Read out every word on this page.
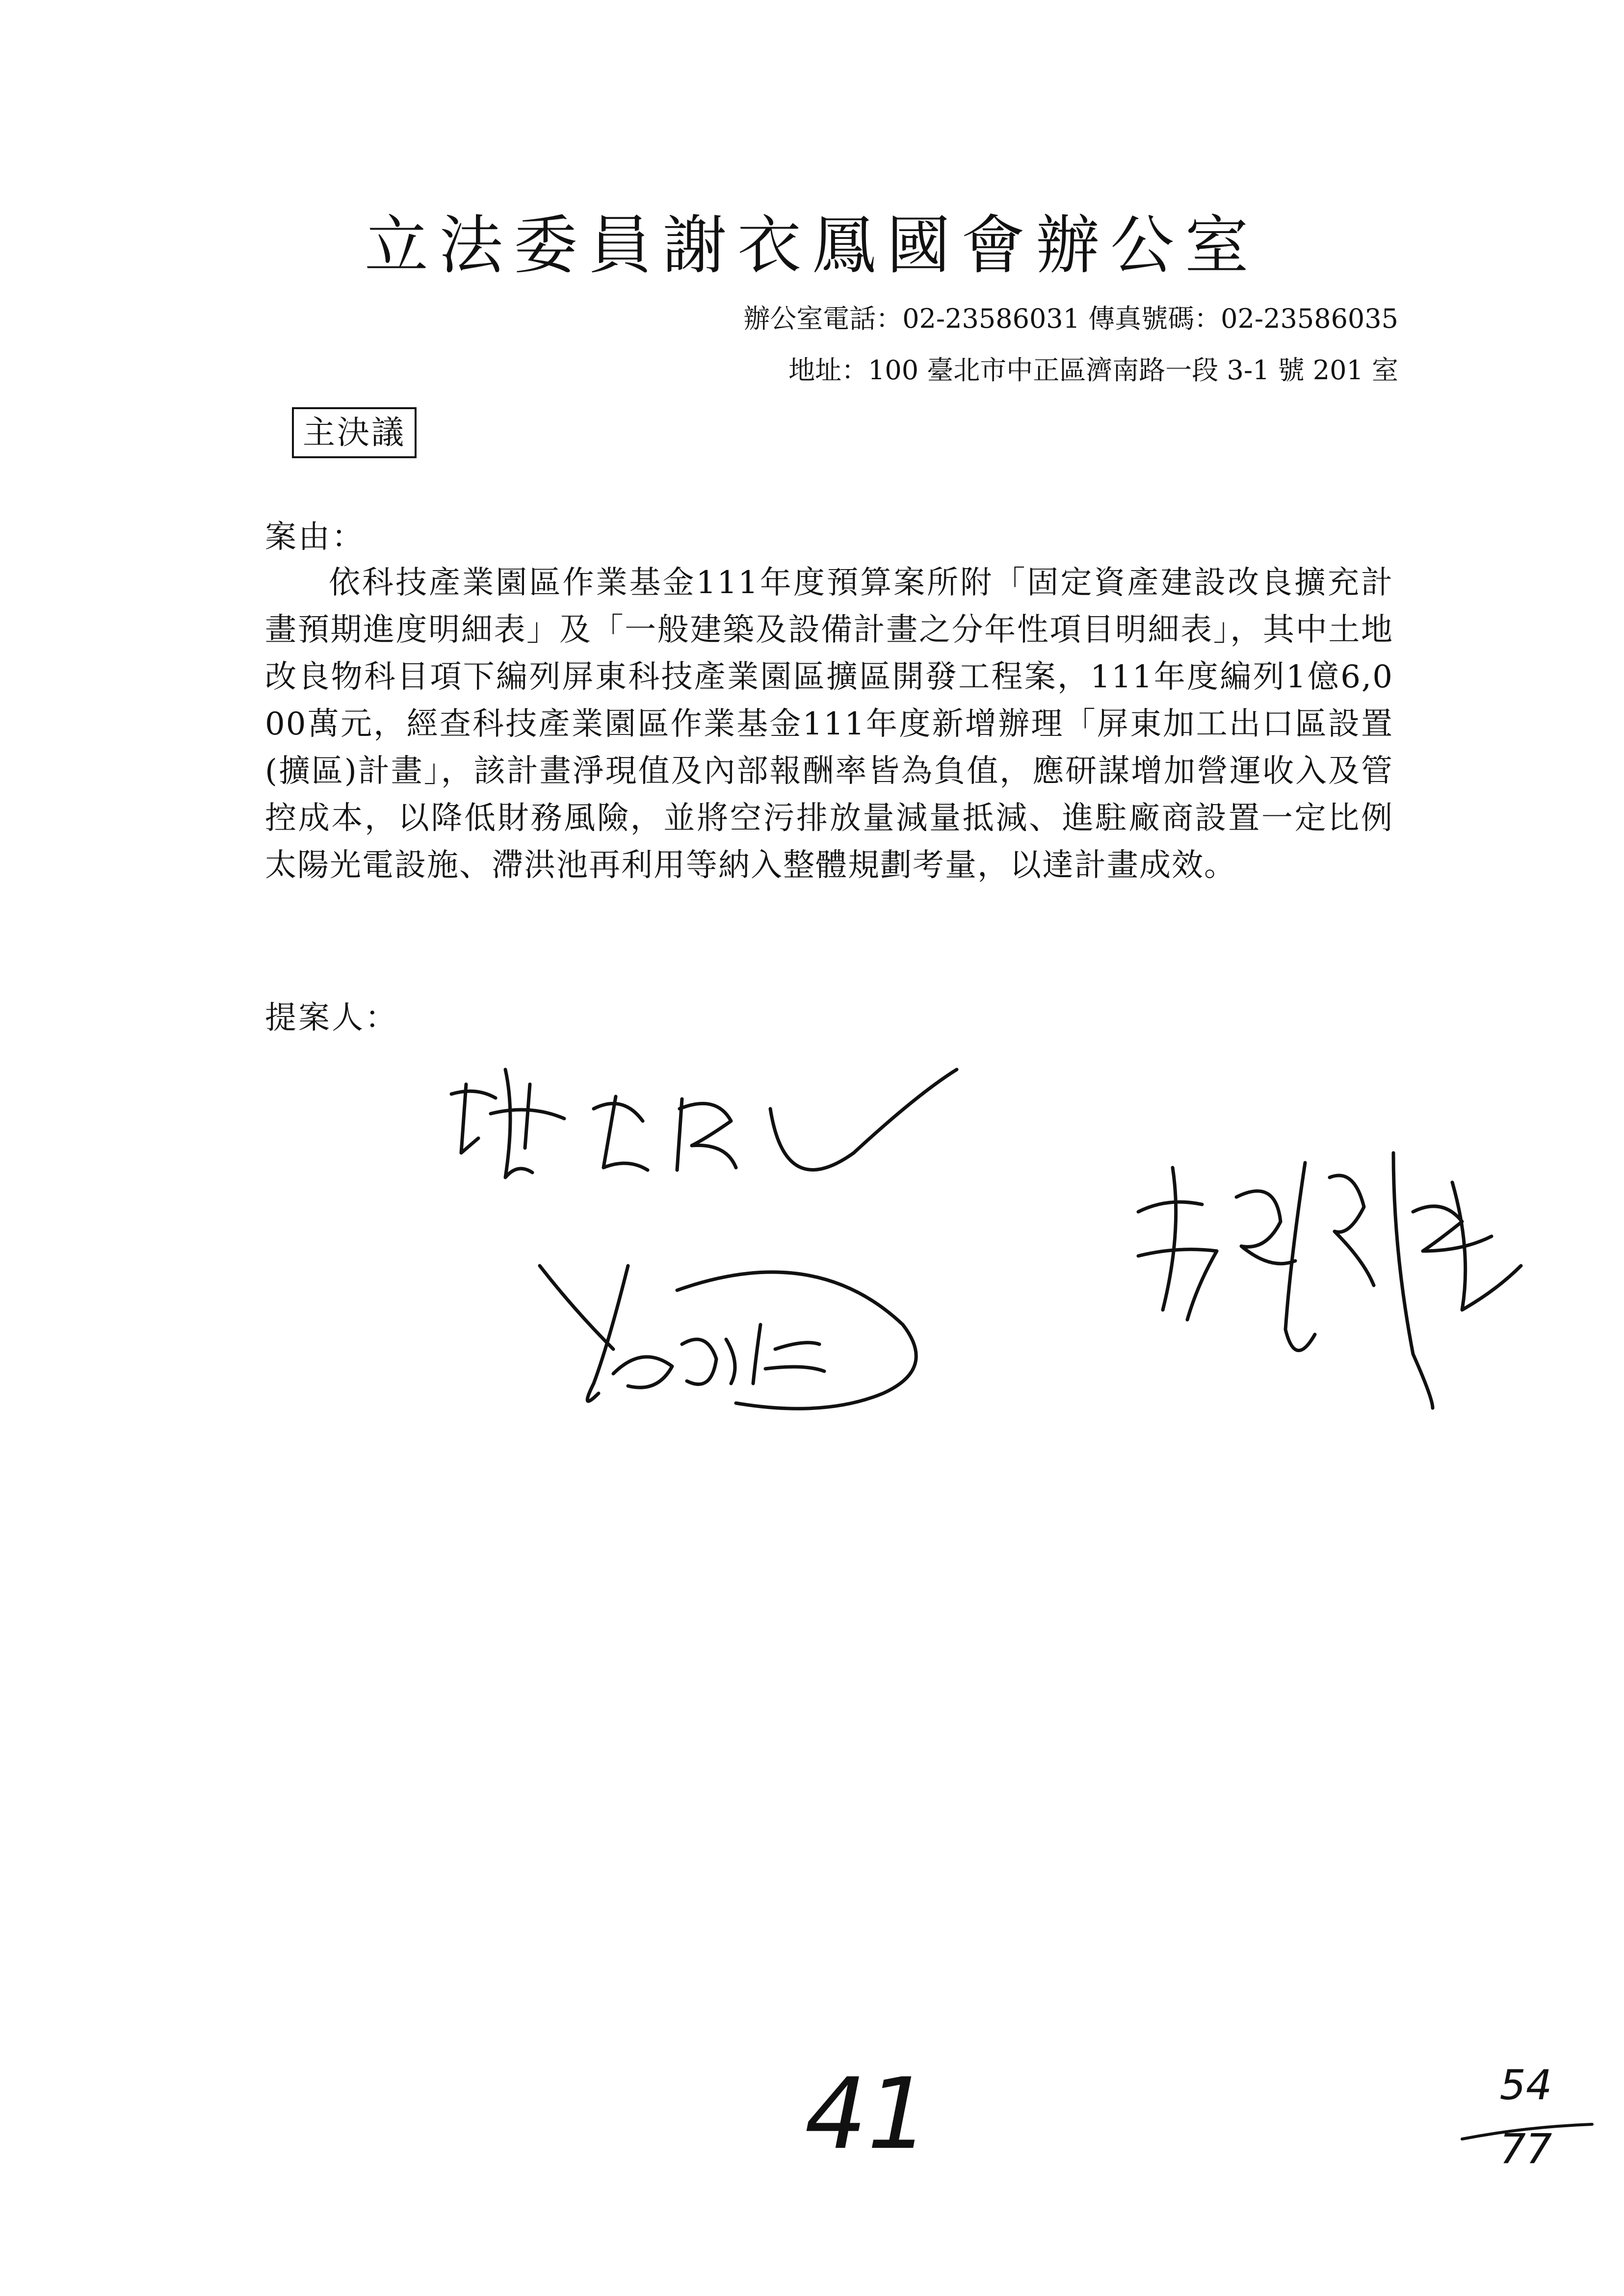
立法委員謝衣鳳國會辦公室
辦公室電話：02-23586031 傳真號碼：02-23586035
地址：100 臺北市中正區濟南路一段 3-1 號 201 室
主決議
案由：
依科技產業園區作業基金111年度預算案所附「固定資產建設改良擴充計畫預期進度明細表」及「一般建築及設備計畫之分年性項目明細表」，其中土地改良物科目項下編列屏東科技產業園區擴區開發工程案，111年度編列1億6,000萬元，經查科技產業園區作業基金111年度新增辦理「屏東加工出口區設置(擴區)計畫」，該計畫淨現值及內部報酬率皆為負值，應研謀增加營運收入及管控成本，以降低財務風險，並將空污排放量減量抵減、進駐廠商設置一定比例太陽光電設施、滯洪池再利用等納入整體規劃考量，以達計畫成效。
提案人：
41	54
77
